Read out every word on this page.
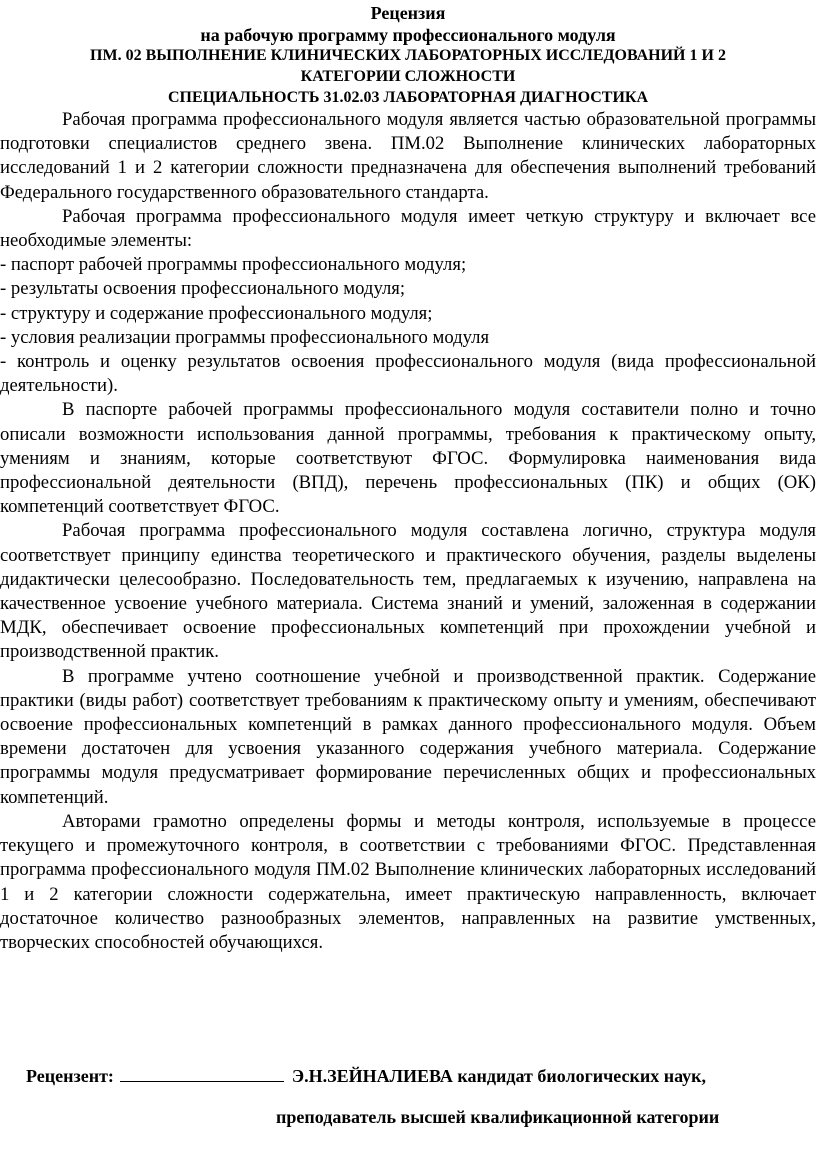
Рецензия
на рабочую программу профессионального модуля
ПМ. 02 ВЫПОЛНЕНИЕ КЛИНИЧЕСКИХ ЛАБОРАТОРНЫХ ИССЛЕДОВАНИЙ 1 И 2
КАТЕГОРИИ СЛОЖНОСТИ
СПЕЦИАЛЬНОСТЬ 31.02.03 ЛАБОРАТОРНАЯ ДИАГНОСТИКА

Рабочая программа профессионального модуля является частью образовательной программы подготовки специалистов среднего звена. ПМ.02 Выполнение клинических лабораторных исследований 1 и 2 категории сложности предназначена для обеспечения выполнений требований Федерального государственного образовательного стандарта.

Рабочая программа профессионального модуля имеет четкую структуру и включает все необходимые элементы:

- паспорт рабочей программы профессионального модуля;

- результаты освоения профессионального модуля;

- структуру и содержание профессионального модуля;

- условия реализации программы профессионального модуля

- контроль и оценку результатов освоения профессионального модуля (вида профессиональной деятельности).

В паспорте рабочей программы профессионального модуля составители полно и точно описали возможности использования данной программы, требования к практическому опыту, умениям и знаниям, которые соответствуют ФГОС. Формулировка наименования вида профессиональной деятельности (ВПД), перечень профессиональных (ПК) и общих (ОК) компетенций соответствует ФГОС.

Рабочая программа профессионального модуля составлена логично, структура модуля соответствует принципу единства теоретического и практического обучения, разделы выделены дидактически целесообразно. Последовательность тем, предлагаемых к изучению, направлена на качественное усвоение учебного материала. Система знаний и умений, заложенная в содержании МДК, обеспечивает освоение профессиональных компетенций при прохождении учебной и производственной практик.

В программе учтено соотношение учебной и производственной практик. Содержание практики (виды работ) соответствует требованиям к практическому опыту и умениям, обеспечивают освоение профессиональных компетенций в рамках данного профессионального модуля. Объем времени достаточен для усвоения указанного содержания учебного материала. Содержание программы модуля предусматривает формирование перечисленных общих и профессиональных компетенций.

Авторами грамотно определены формы и методы контроля, используемые в процессе текущего и промежуточного контроля, в соответствии с требованиями ФГОС. Представленная программа профессионального модуля ПМ.02 Выполнение клинических лабораторных исследований 1 и 2 категории сложности содержательна, имеет практическую направленность, включает достаточное количество разнообразных элементов, направленных на развитие умственных, творческих способностей обучающихся.

Рецензент:	Э.Н.ЗЕЙНАЛИЕВА кандидат биологических наук,
преподаватель высшей квалификационной категории
